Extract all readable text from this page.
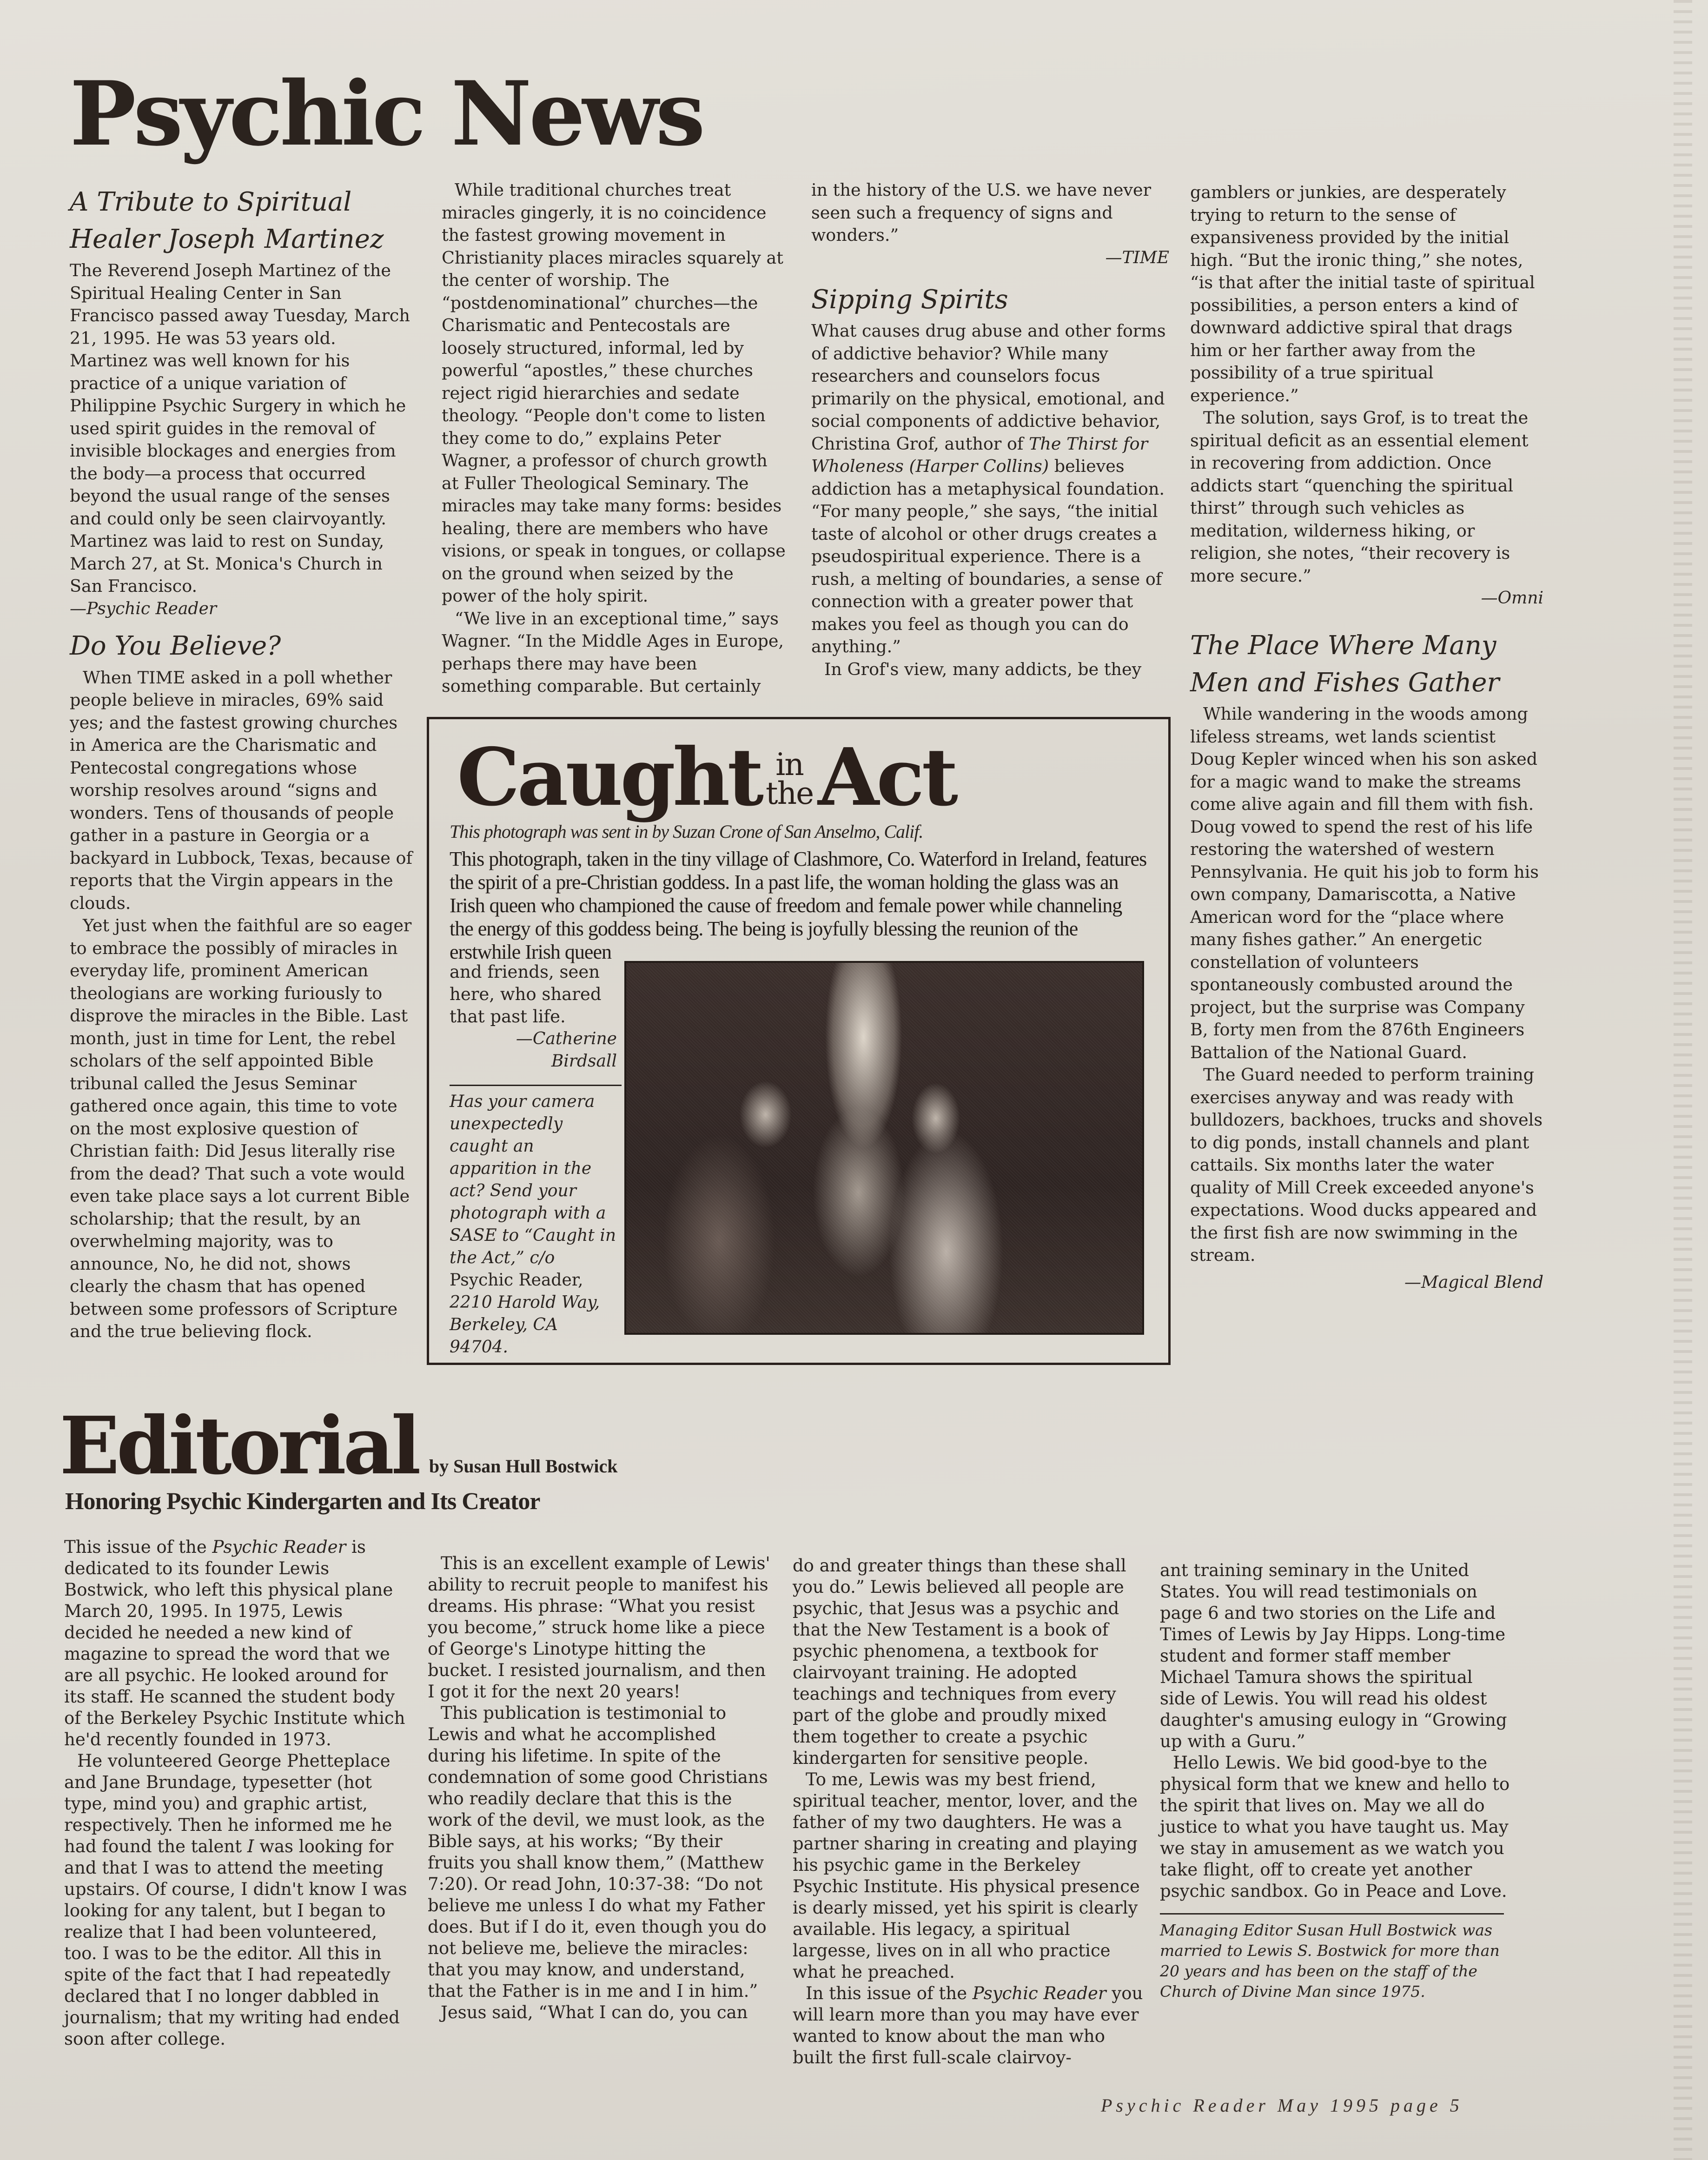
Psychic News
A Tribute to Spiritual
Healer Joseph Martinez

The Reverend Joseph Martinez of the Spiritual Healing Center in San Francisco passed away Tuesday, March 21, 1995. He was 53 years old. Martinez was well known for his practice of a unique variation of Philippine Psychic Surgery in which he used spirit guides in the removal of invisible blockages and energies from the body—a process that occurred beyond the usual range of the senses and could only be seen clairvoyantly. Martinez was laid to rest on Sunday, March 27, at St. Monica's Church in San Francisco.

—Psychic Reader
Do You Believe?

When TIME asked in a poll whether people believe in miracles, 69% said yes; and the fastest growing churches in America are the Charismatic and Pentecostal congregations whose worship resolves around “signs and wonders. Tens of thousands of people gather in a pasture in Georgia or a backyard in Lubbock, Texas, because of reports that the Virgin appears in the clouds.

Yet just when the faithful are so eager to embrace the possibly of miracles in everyday life, prominent American theologians are working furiously to disprove the miracles in the Bible. Last month, just in time for Lent, the rebel scholars of the self appointed Bible tribunal called the Jesus Seminar gathered once again, this time to vote on the most explosive question of Christian faith: Did Jesus literally rise from the dead? That such a vote would even take place says a lot current Bible scholarship; that the result, by an overwhelming majority, was to announce, No, he did not, shows clearly the chasm that has opened between some professors of Scripture and the true believing flock.

While traditional churches treat miracles gingerly, it is no coincidence the fastest growing movement in Christianity places miracles squarely at the center of worship. The “postdenominational” churches—the Charismatic and Pentecostals are loosely structured, informal, led by powerful “apostles,” these churches reject rigid hierarchies and sedate theology. “People don't come to listen they come to do,” explains Peter Wagner, a professor of church growth at Fuller Theological Seminary. The miracles may take many forms: besides healing, there are members who have visions, or speak in tongues, or collapse on the ground when seized by the power of the holy spirit.

“We live in an exceptional time,” says Wagner. “In the Middle Ages in Europe, perhaps there may have been something comparable. But certainly

in the history of the U.S. we have never seen such a frequency of signs and wonders.”

—TIME
Sipping Spirits

What causes drug abuse and other forms of addictive behavior? While many researchers and counselors focus primarily on the physical, emotional, and social components of addictive behavior, Christina Grof, author of The Thirst for Wholeness (Harper Collins) believes addiction has a metaphysical foundation. “For many people,” she says, “the initial taste of alcohol or other drugs creates a pseudospiritual experience. There is a rush, a melting of boundaries, a sense of connection with a greater power that makes you feel as though you can do anything.”

In Grof's view, many addicts, be they

gamblers or junkies, are desperately trying to return to the sense of expansiveness provided by the initial high. “But the ironic thing,” she notes, “is that after the initial taste of spiritual possibilities, a person enters a kind of downward addictive spiral that drags him or her farther away from the possibility of a true spiritual experience.”

The solution, says Grof, is to treat the spiritual deficit as an essential element in recovering from addiction. Once addicts start “quenching the spiritual thirst” through such vehicles as meditation, wilderness hiking, or religion, she notes, “their recovery is more secure.”

—Omni
The Place Where Many
Men and Fishes Gather

While wandering in the woods among lifeless streams, wet lands scientist Doug Kepler winced when his son asked for a magic wand to make the streams come alive again and fill them with fish. Doug vowed to spend the rest of his life restoring the watershed of western Pennsylvania. He quit his job to form his own company, Damariscotta, a Native American word for the “place where many fishes gather.” An energetic constellation of volunteers spontaneously combusted around the project, but the surprise was Company B, forty men from the 876th Engineers Battalion of the National Guard.

The Guard needed to perform training exercises anyway and was ready with bulldozers, backhoes, trucks and shovels to dig ponds, install channels and plant cattails. Six months later the water quality of Mill Creek exceeded anyone's expectations. Wood ducks appeared and the first fish are now swimming in the stream.

—Magical Blend
Caught in
the Act
This photograph was sent in by Suzan Crone of San Anselmo, Calif.

This photograph, taken in the tiny village of Clashmore, Co. Waterford in Ireland, features the spirit of a pre-Christian goddess. In a past life, the woman holding the glass was an Irish queen who championed the cause of freedom and female power while channeling the energy of this goddess being. The being is joyfully blessing the reunion of the erstwhile Irish queen

and friends, seen here, who shared that past life.
—Catherine
Birdsall
Has your camera unexpectedly caught an apparition in the act? Send your photograph with a SASE to “Caught in the Act,” c/o
Psychic Reader,
2210 Harold Way, Berkeley, CA 94704.
Editorial by Susan Hull Bostwick
Honoring Psychic Kindergarten and Its Creator

This issue of the Psychic Reader is dedicated to its founder Lewis Bostwick, who left this physical plane March 20, 1995. In 1975, Lewis decided he needed a new kind of magazine to spread the word that we are all psychic. He looked around for its staff. He scanned the student body of the Berkeley Psychic Institute which he'd recently founded in 1973.

He volunteered George Phetteplace and Jane Brundage, typesetter (hot type, mind you) and graphic artist, respectively. Then he informed me he had found the talent I was looking for and that I was to attend the meeting upstairs. Of course, I didn't know I was looking for any talent, but I began to realize that I had been volunteered, too. I was to be the editor. All this in spite of the fact that I had repeatedly declared that I no longer dabbled in journalism; that my writing had ended soon after college.

This is an excellent example of Lewis' ability to recruit people to manifest his dreams. His phrase: “What you resist you become,” struck home like a piece of George's Linotype hitting the bucket. I resisted journalism, and then I got it for the next 20 years!

This publication is testimonial to Lewis and what he accomplished during his lifetime. In spite of the condemnation of some good Christians who readily declare that this is the work of the devil, we must look, as the Bible says, at his works; “By their fruits you shall know them,” (Matthew 7:20). Or read John, 10:37-38: “Do not believe me unless I do what my Father does. But if I do it, even though you do not believe me, believe the miracles: that you may know, and understand, that the Father is in me and I in him.”

Jesus said, “What I can do, you can

do and greater things than these shall you do.” Lewis believed all people are psychic, that Jesus was a psychic and that the New Testament is a book of psychic phenomena, a textbook for clairvoyant training. He adopted teachings and techniques from every part of the globe and proudly mixed them together to create a psychic kindergarten for sensitive people.

To me, Lewis was my best friend, spiritual teacher, mentor, lover, and the father of my two daughters. He was a partner sharing in creating and playing his psychic game in the Berkeley Psychic Institute. His physical presence is dearly missed, yet his spirit is clearly available. His legacy, a spiritual largesse, lives on in all who practice what he preached.

In this issue of the Psychic Reader you will learn more than you may have ever wanted to know about the man who built the first full-scale clairvoy-

ant training seminary in the United States. You will read testimonials on page 6 and two stories on the Life and Times of Lewis by Jay Hipps. Long-time student and former staff member Michael Tamura shows the spiritual side of Lewis. You will read his oldest daughter's amusing eulogy in “Growing up with a Guru.”

Hello Lewis. We bid good-bye to the physical form that we knew and hello to the spirit that lives on. May we all do justice to what you have taught us. May we stay in amusement as we watch you take flight, off to create yet another psychic sandbox. Go in Peace and Love.

Managing Editor Susan Hull Bostwick was married to Lewis S. Bostwick for more than 20 years and has been on the staff of the Church of Divine Man since 1975.
Psychic Reader May 1995 page 5
